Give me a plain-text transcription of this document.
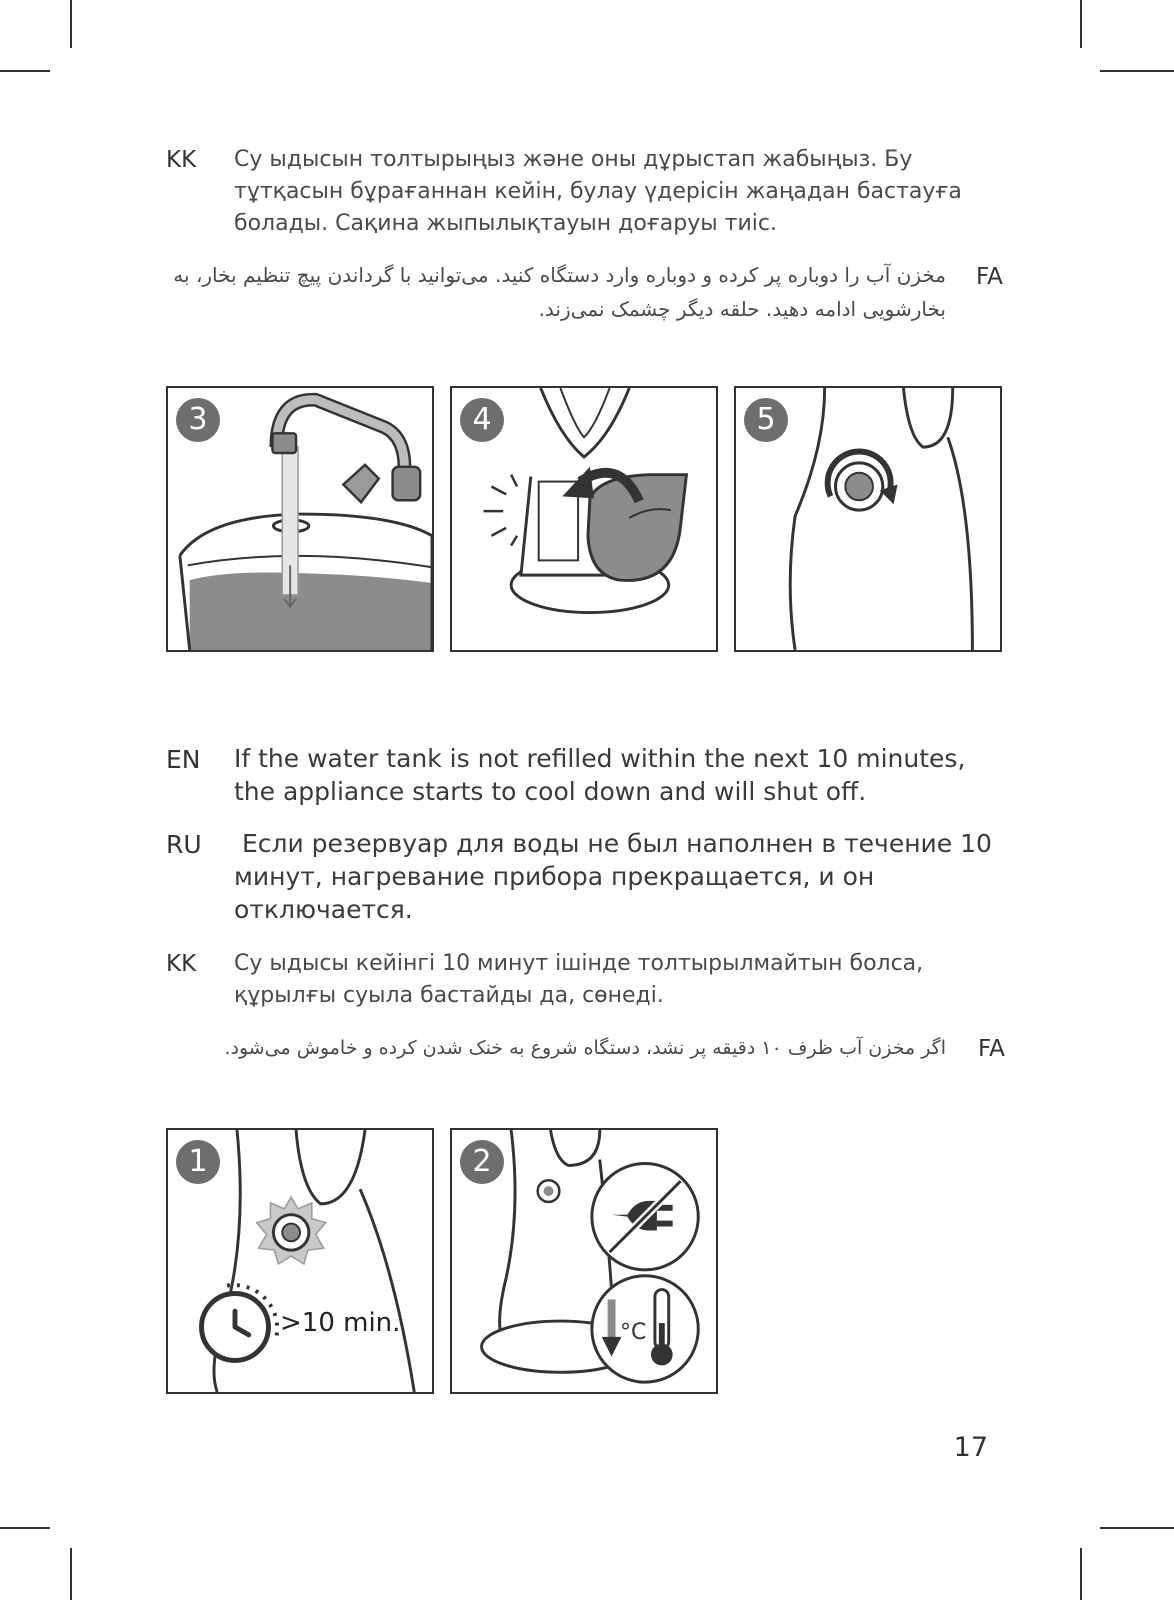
KK Су ыдысын толтырыңыз және оны дұрыстап жабыңыз. Бу тұтқасын бұрағаннан кейін, булау үдерісін жаңадан бастауға болады. Сақина жыпылықтауын доғаруы тиіс.
FA
مخزن آب را دوباره پر کرده و دوباره وارد دستگاه کنید. می‌توانید با گرداندن پیچ تنظیم بخار، به بخارشویی ادامه دهید. حلقه دیگر چشمک نمی‌زند.
3	4	5
EN If the water tank is not refilled within the next 10 minutes, the appliance starts to cool down and will shut off.
RU Если резервуар для воды не был наполнен в течение 10 минут, нагревание прибора прекращается, и он отключается.
KK Су ыдысы кейінгі 10 минут ішінде толтырылмайтын болса, құрылғы суыла бастайды да, сөнеді.
FA
اگر مخزن آب ظرف ۱۰ دقیقه پر نشد، دستگاه شروع به خنک شدن کرده و خاموش می‌شود.
1
>10 min.
2
°C
17
